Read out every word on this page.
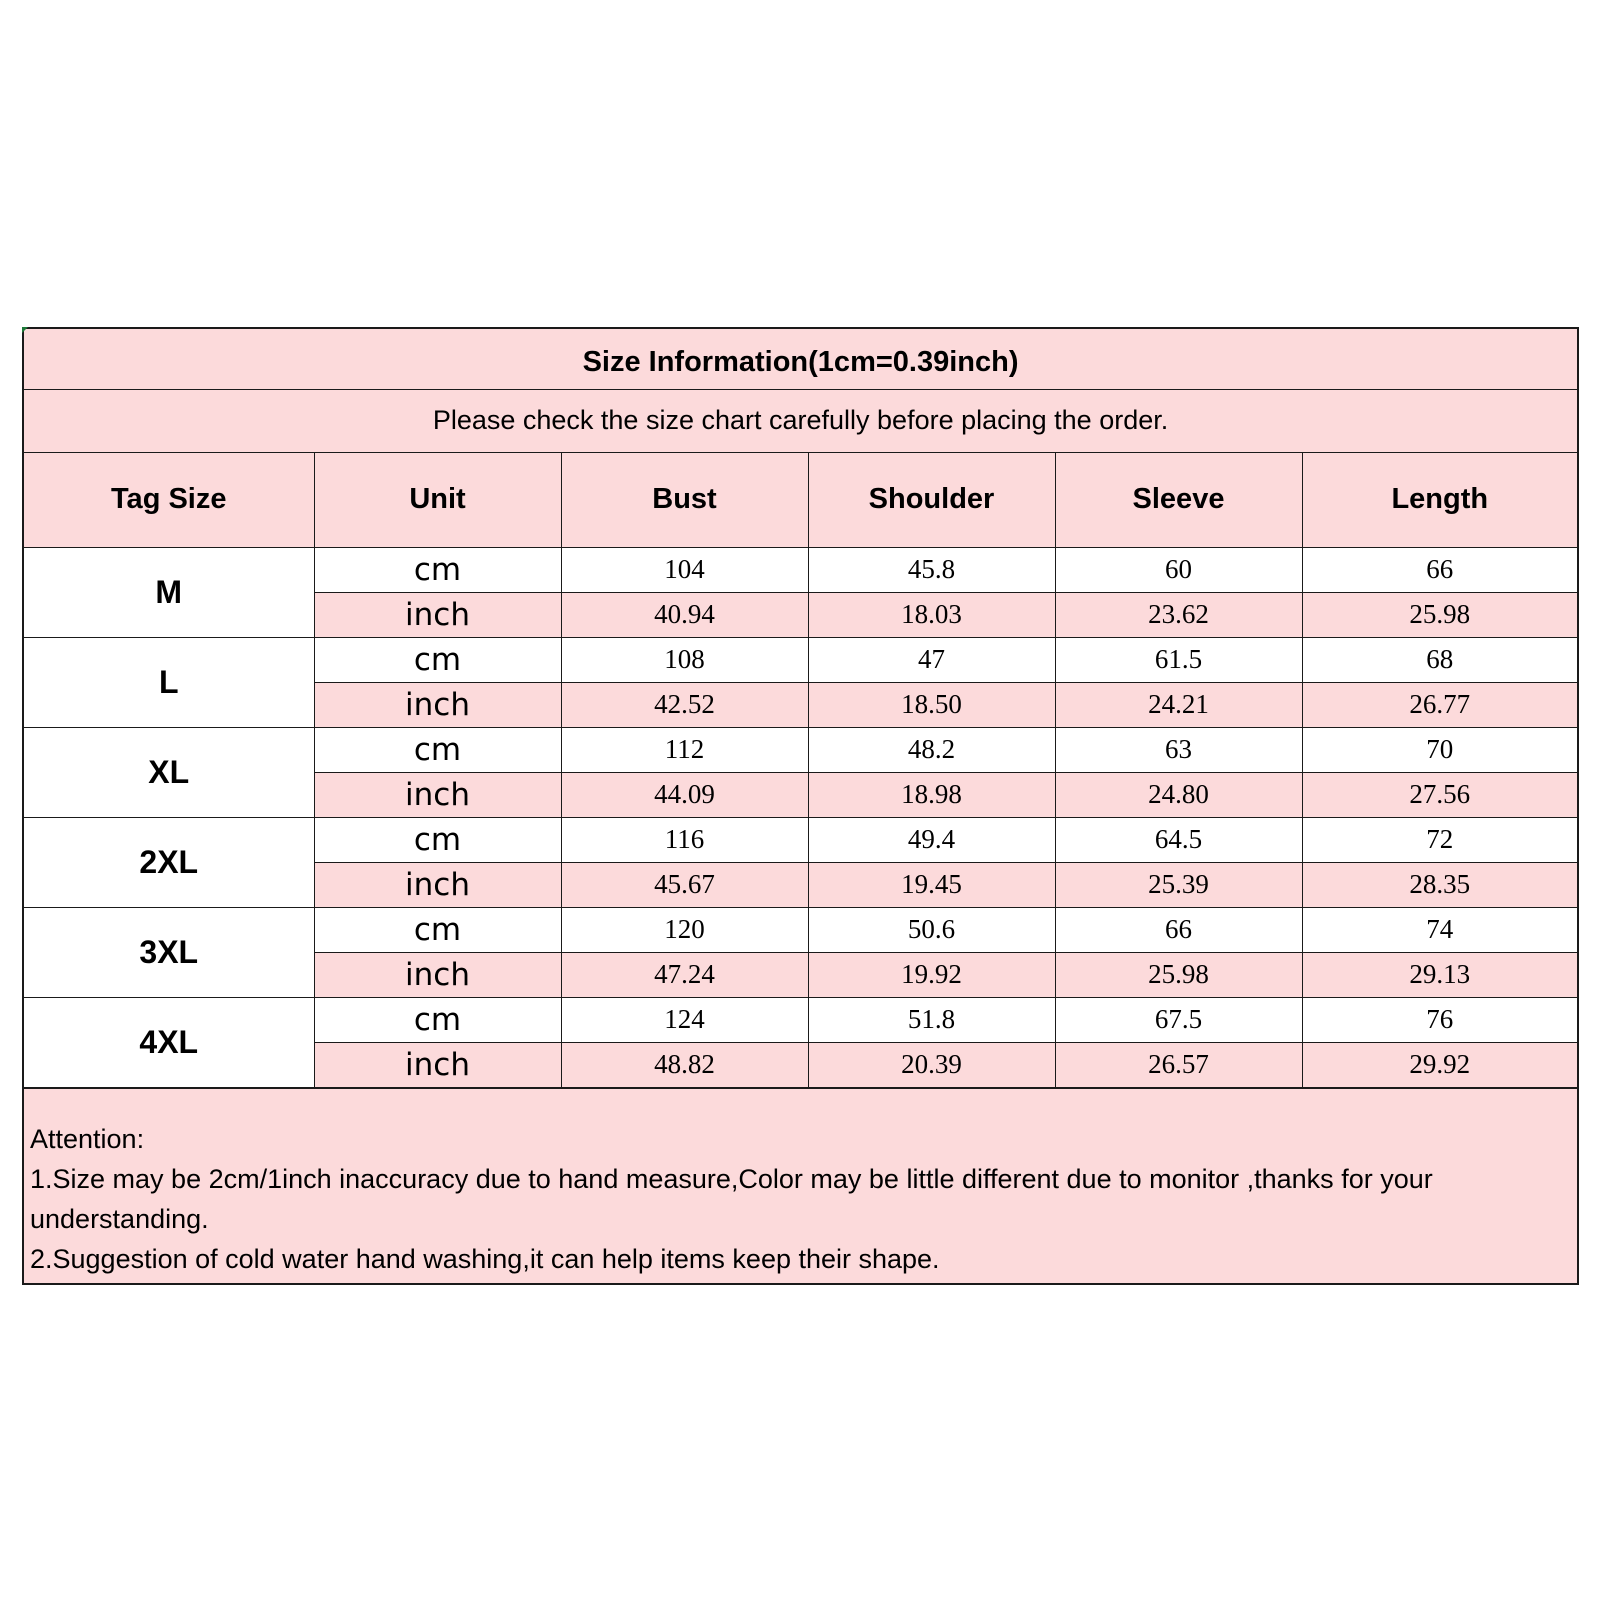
Size Information(1cm=0.39inch)					
Please check the size chart carefully before placing the order.					
Tag Size	Unit	Bust	Shoulder	Sleeve	Length
M	cm	104	45.8	60	66
	inch	40.94	18.03	23.62	25.98
L	cm	108	47	61.5	68
	inch	42.52	18.50	24.21	26.77
XL	cm	112	48.2	63	70
	inch	44.09	18.98	24.80	27.56
2XL	cm	116	49.4	64.5	72
	inch	45.67	19.45	25.39	28.35
3XL	cm	120	50.6	66	74
	inch	47.24	19.92	25.98	29.13
4XL	cm	124	51.8	67.5	76
	inch	48.82	20.39	26.57	29.92

Attention:

1.Size may be 2cm/1inch inaccuracy due to hand measure,Color may be little different due to monitor ,thanks for your understanding.

2.Suggestion of cold water hand washing,it can help items keep their shape.
